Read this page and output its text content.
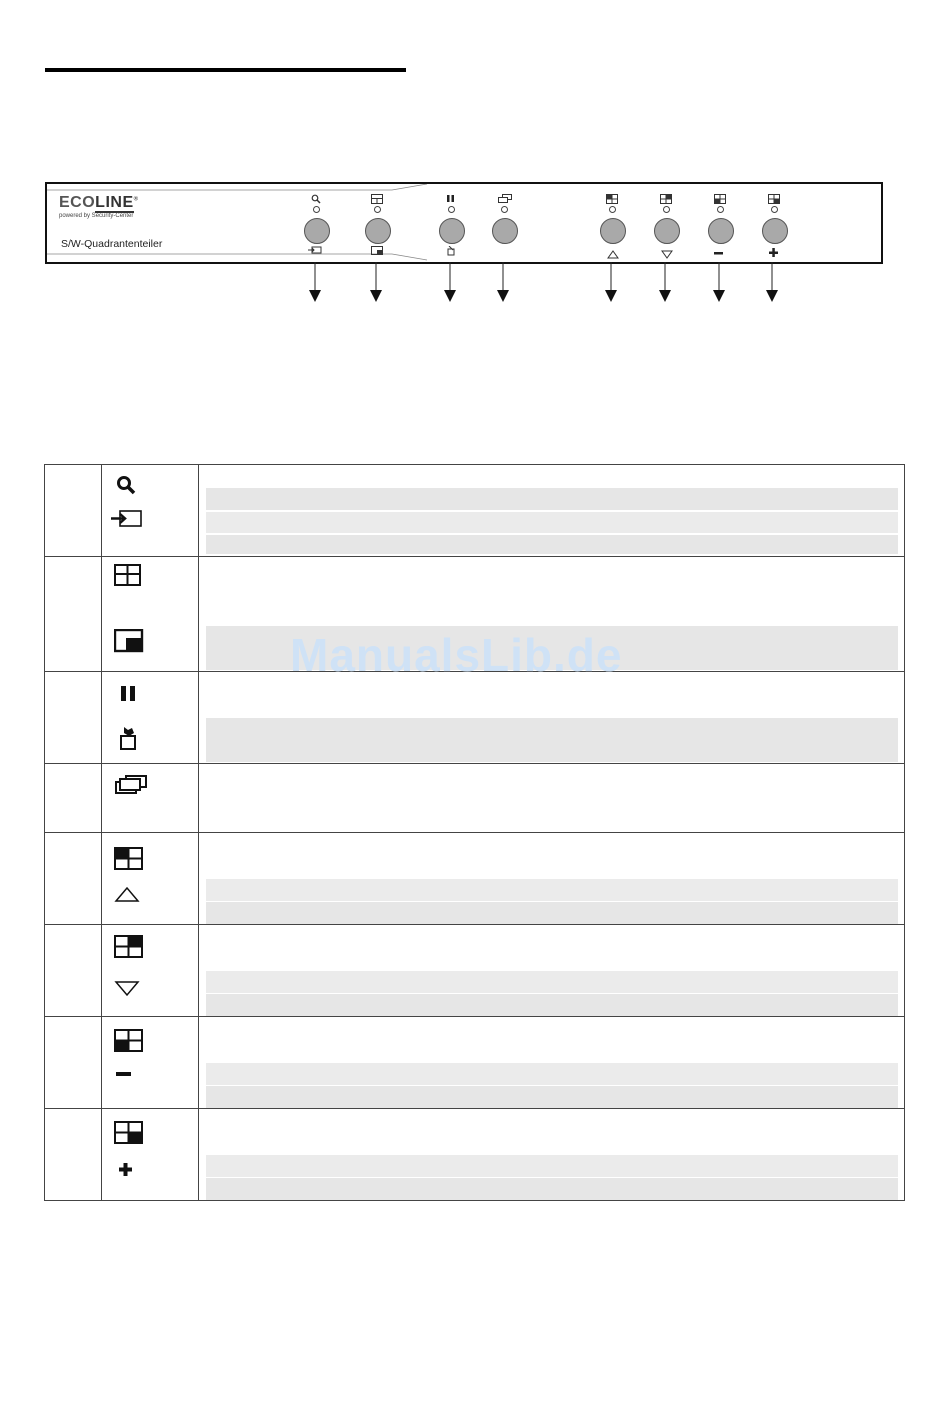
ECOLINE®
powered by Security-Center
S/W-Quadrantenteiler

ManualsLib.de
